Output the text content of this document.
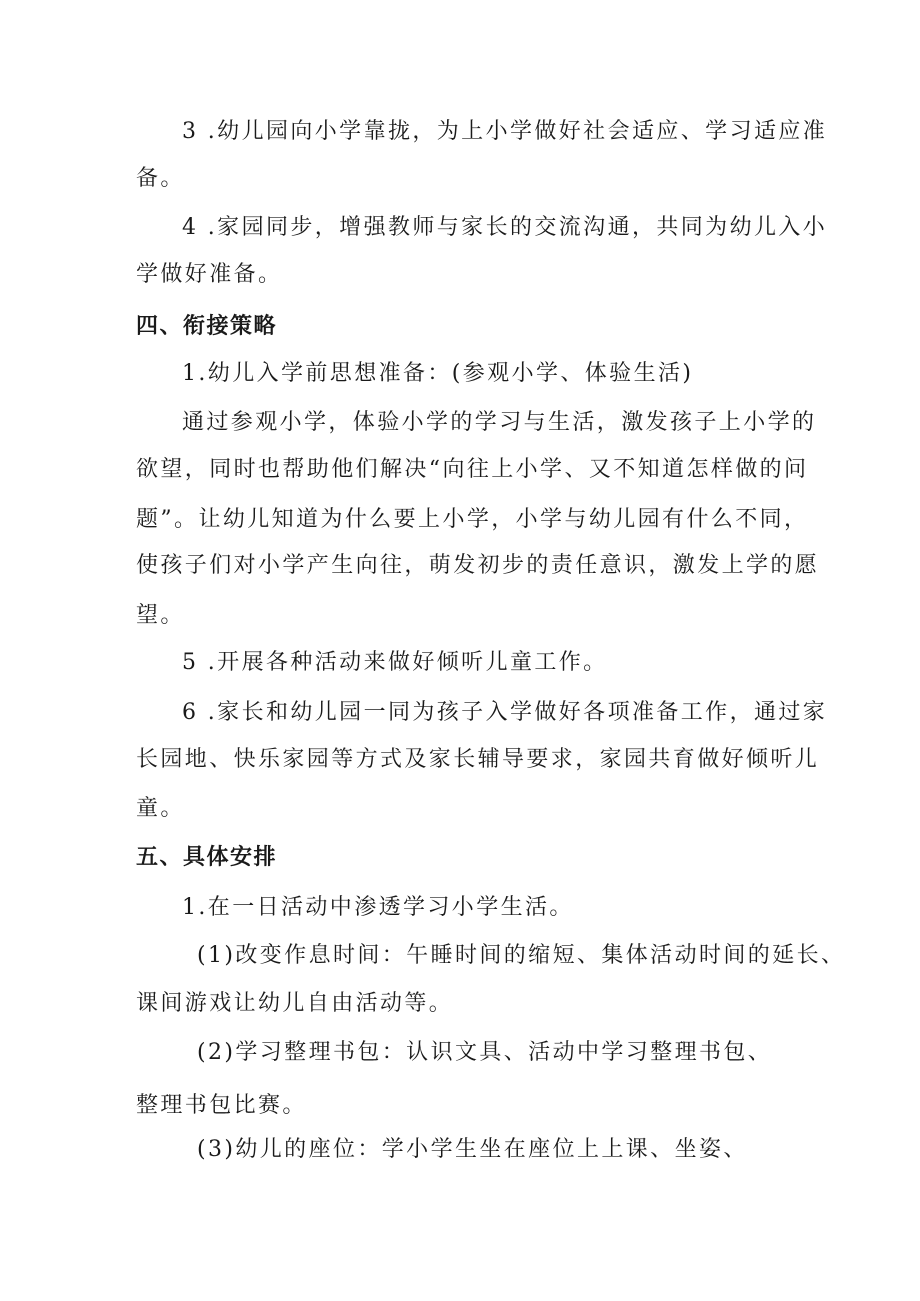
3 .幼儿园向小学靠拢，为上小学做好社会适应、学习适应准
备。
4 .家园同步，增强教师与家长的交流沟通，共同为幼儿入小
学做好准备。
四、衔接策略
1.幼儿入学前思想准备：(参观小学、体验生活)
通过参观小学，体验小学的学习与生活，激发孩子上小学的
欲望，同时也帮助他们解决“向往上小学、又不知道怎样做的问
题”。让幼儿知道为什么要上小学，小学与幼儿园有什么不同，
使孩子们对小学产生向往，萌发初步的责任意识，激发上学的愿
望。
5 .开展各种活动来做好倾听儿童工作。
6 .家长和幼儿园一同为孩子入学做好各项准备工作，通过家
长园地、快乐家园等方式及家长辅导要求，家园共育做好倾听儿
童。
五、具体安排
1.在一日活动中渗透学习小学生活。
(1)改变作息时间：午睡时间的缩短、集体活动时间的延长、
课间游戏让幼儿自由活动等。
(2)学习整理书包：认识文具、活动中学习整理书包、
整理书包比赛。
(3)幼儿的座位：学小学生坐在座位上上课、坐姿、
